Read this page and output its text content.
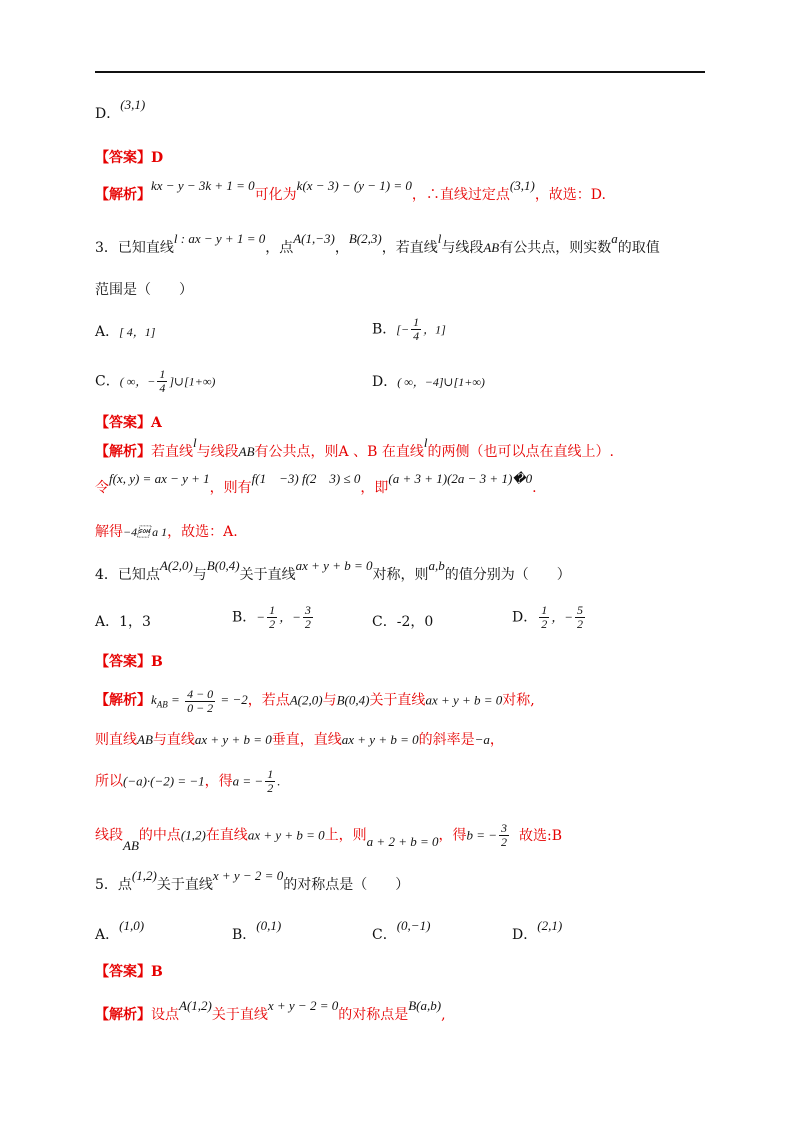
D．(3,1)
【答案】D
【解析】kx − y − 3k + 1 = 0可化为k(x − 3) − (y − 1) = 0，∴直线过定点(3,1)，故选：D.
3．已知直线l : ax − y + 1 = 0，点A(1,−3)，B(2,3)，若直线l与线段AB有公共点，则实数a的取值
范围是（　　）
A．[ 4，1]	B．[− $\frac{1}{4}$ ，1]
C．( ∞，− $\frac{1}{4}$ ]∪[1+∞)	D．( ∞，−4]∪[1+∞)
【答案】A
【解析】若直线l与线段AB有公共点，则A 、B 在直线l的两侧（也可以点在直线上）.
令f(x, y) = ax − y + 1，则有f(1　−3) f(2　3) ≤ 0，即(a + 3 + 1)(2a − 3 + 1)�0.
解得−4 a 1，故选：A.
4．已知点A(2,0)与B(0,4)关于直线ax + y + b = 0对称，则a,b的值分别为（　　）
A．1，3	B．− $\frac{1}{2}$ ，− $\frac{3}{2}$	C．-2，0	D． $\frac{1}{2}$ ，− $\frac{5}{2}$
【答案】B
【解析】$k_{AB} = \frac{4 - 0}{0 - 2} = -2$，若点A(2,0)与B(0,4)关于直线ax + y + b = 0对称,
则直线AB与直线ax + y + b = 0垂直，直线ax + y + b = 0的斜率是−a，
所以(−a)·(−2) = −1，得a = − $\frac{1}{2}$ .
线段AB的中点(1,2)在直线ax + y + b = 0上，则a + 2 + b = 0，得b = − $\frac{3}{2}$ 故选:B
5．点(1,2)关于直线x + y − 2 = 0的对称点是（　　）
A．(1,0)
B．(0,1)
C．(0,−1)
D．(2,1)
【答案】B
【解析】设点A(1,2)关于直线x + y − 2 = 0的对称点是B(a,b),
